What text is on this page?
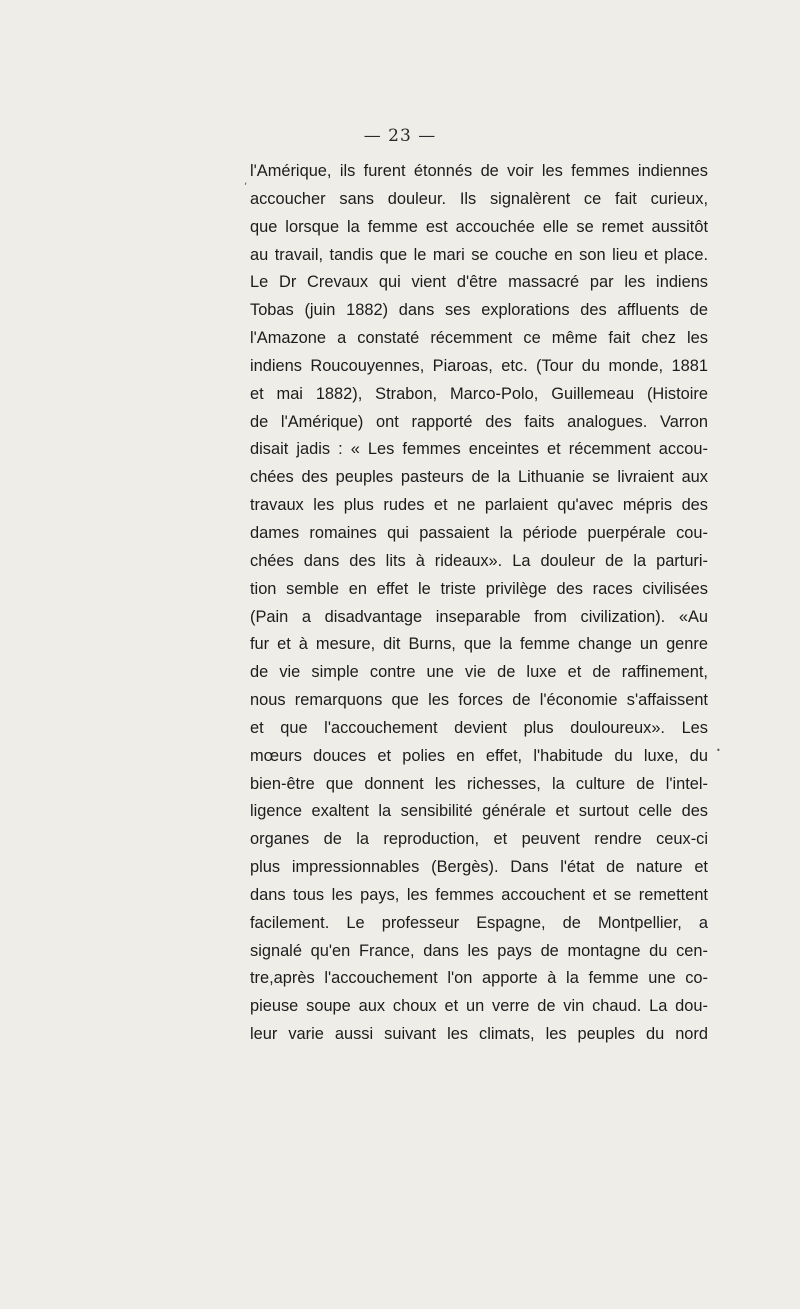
— 23 —
l'Amérique, ils furent étonnés de voir les femmes indiennes
accoucher sans douleur. Ils signalèrent ce fait curieux,
que lorsque la femme est accouchée elle se remet aussitôt
au travail, tandis que le mari se couche en son lieu et place.
Le Dr Crevaux qui vient d'être massacré par les indiens
Tobas (juin 1882) dans ses explorations des affluents de
l'Amazone a constaté récemment ce même fait chez les
indiens Roucouyennes, Piaroas, etc. (Tour du monde, 1881
et mai 1882), Strabon, Marco-Polo, Guillemeau (Histoire
de l'Amérique) ont rapporté des faits analogues. Varron
disait jadis : « Les femmes enceintes et récemment accou-
chées des peuples pasteurs de la Lithuanie se livraient aux
travaux les plus rudes et ne parlaient qu'avec mépris des
dames romaines qui passaient la période puerpérale cou-
chées dans des lits à rideaux». La douleur de la parturi-
tion semble en effet le triste privilège des races civilisées
(Pain a disadvantage inseparable from civilization). «Au
fur et à mesure, dit Burns, que la femme change un genre
de vie simple contre une vie de luxe et de raffinement,
nous remarquons que les forces de l'économie s'affaissent
et que l'accouchement devient plus douloureux». Les
mœurs douces et polies en effet, l'habitude du luxe, du
bien-être que donnent les richesses, la culture de l'intel-
ligence exaltent la sensibilité générale et surtout celle des
organes de la reproduction, et peuvent rendre ceux-ci
plus impressionnables (Bergès). Dans l'état de nature et
dans tous les pays, les femmes accouchent et se remettent
facilement. Le professeur Espagne, de Montpellier, a
signalé qu'en France, dans les pays de montagne du cen-
tre,après l'accouchement l'on apporte à la femme une co-
pieuse soupe aux choux et un verre de vin chaud. La dou-
leur varie aussi suivant les climats, les peuples du nord
,
•
